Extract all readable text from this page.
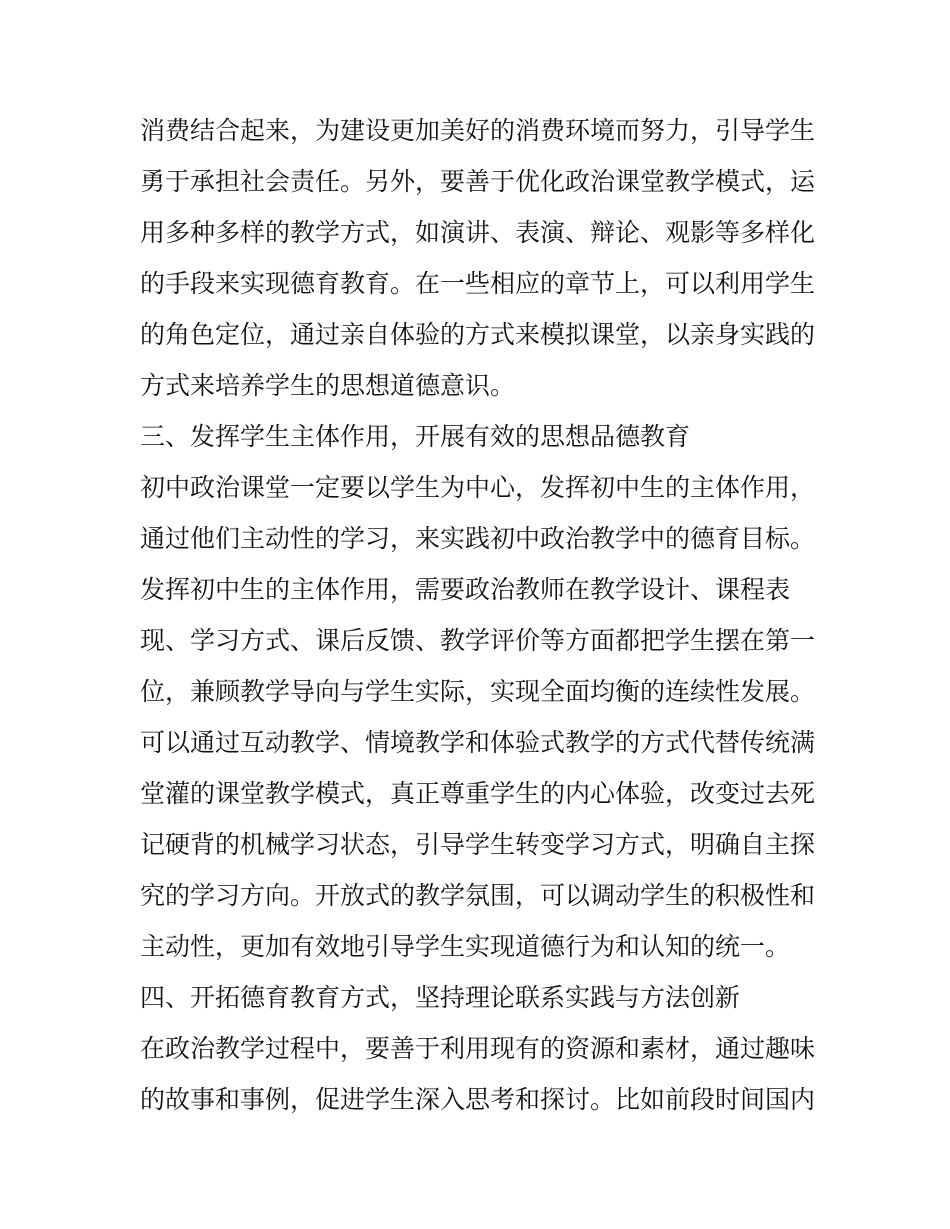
消费结合起来，为建设更加美好的消费环境而努力，引导学生
勇于承担社会责任。另外，要善于优化政治课堂教学模式，运
用多种多样的教学方式，如演讲、表演、辩论、观影等多样化
的手段来实现德育教育。在一些相应的章节上，可以利用学生
的角色定位，通过亲自体验的方式来模拟课堂，以亲身实践的
方式来培养学生的思想道德意识。
三、发挥学生主体作用，开展有效的思想品德教育
初中政治课堂一定要以学生为中心，发挥初中生的主体作用，
通过他们主动性的学习，来实践初中政治教学中的德育目标。
发挥初中生的主体作用，需要政治教师在教学设计、课程表
现、学习方式、课后反馈、教学评价等方面都把学生摆在第一
位，兼顾教学导向与学生实际，实现全面均衡的连续性发展。
可以通过互动教学、情境教学和体验式教学的方式代替传统满
堂灌的课堂教学模式，真正尊重学生的内心体验，改变过去死
记硬背的机械学习状态，引导学生转变学习方式，明确自主探
究的学习方向。开放式的教学氛围，可以调动学生的积极性和
主动性，更加有效地引导学生实现道德行为和认知的统一。
四、开拓德育教育方式，坚持理论联系实践与方法创新
在政治教学过程中，要善于利用现有的资源和素材，通过趣味
的故事和事例，促进学生深入思考和探讨。比如前段时间国内
